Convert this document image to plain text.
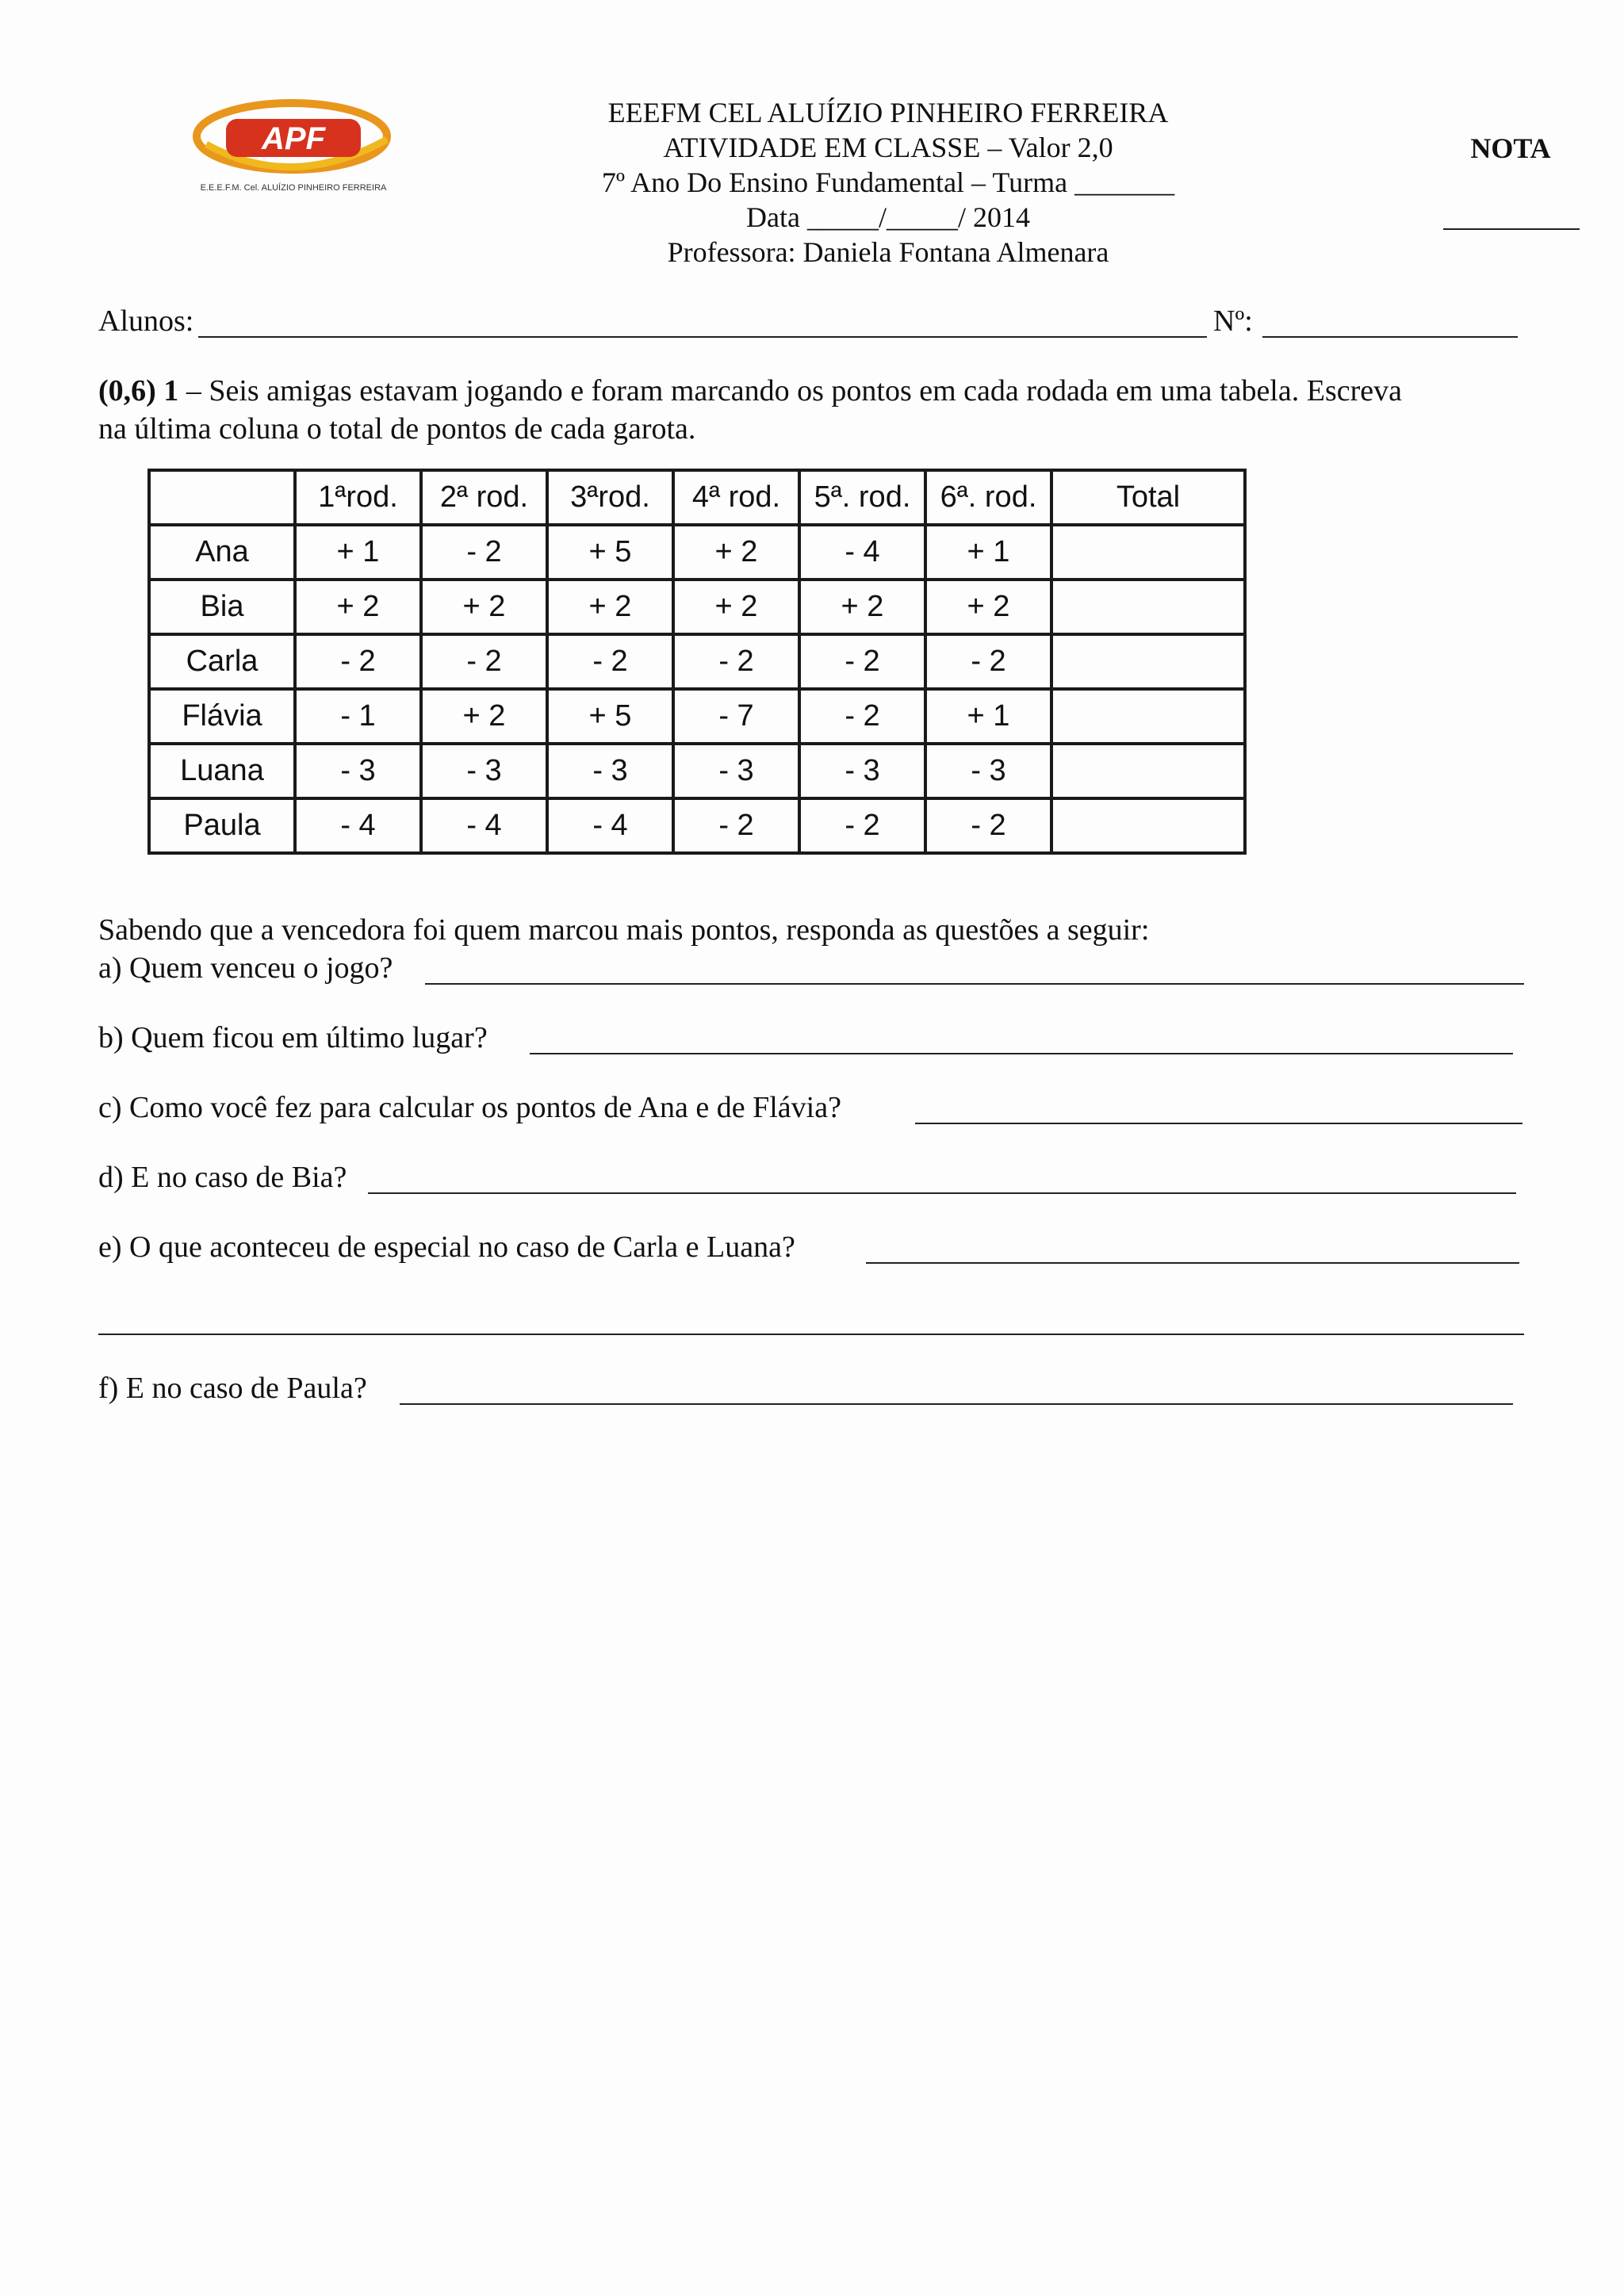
APF
E.E.E.F.M. Cel. ALUÍZIO PINHEIRO FERREIRA
EEEFM CEL ALUÍZIO PINHEIRO FERREIRA
ATIVIDADE EM CLASSE – Valor 2,0
7º Ano Do Ensino Fundamental – Turma _______
Data _____/_____/ 2014
Professora: Daniela Fontana Almenara
NOTA
Alunos:	Nº:
(0,6) 1 – Seis amigas estavam jogando e foram marcando os pontos em cada rodada em uma tabela. Escreva
na última coluna o total de pontos de cada garota.
	1ªrod.	2ª rod.	3ªrod.	4ª rod.	5ª. rod.	6ª. rod.	Total
Ana	+ 1	- 2	+ 5	+ 2	- 4	+ 1	
Bia	+ 2	+ 2	+ 2	+ 2	+ 2	+ 2	
Carla	- 2	- 2	- 2	- 2	- 2	- 2	
Flávia	- 1	+ 2	+ 5	- 7	- 2	+ 1	
Luana	- 3	- 3	- 3	- 3	- 3	- 3	
Paula	- 4	- 4	- 4	- 2	- 2	- 2	
Sabendo que a vencedora foi quem marcou mais pontos, responda as questões a seguir:
a) Quem venceu o jogo?
b) Quem ficou em último lugar?
c) Como você fez para calcular os pontos de Ana e de Flávia?
d) E no caso de Bia?
e) O que aconteceu de especial no caso de Carla e Luana?
f) E no caso de Paula?
